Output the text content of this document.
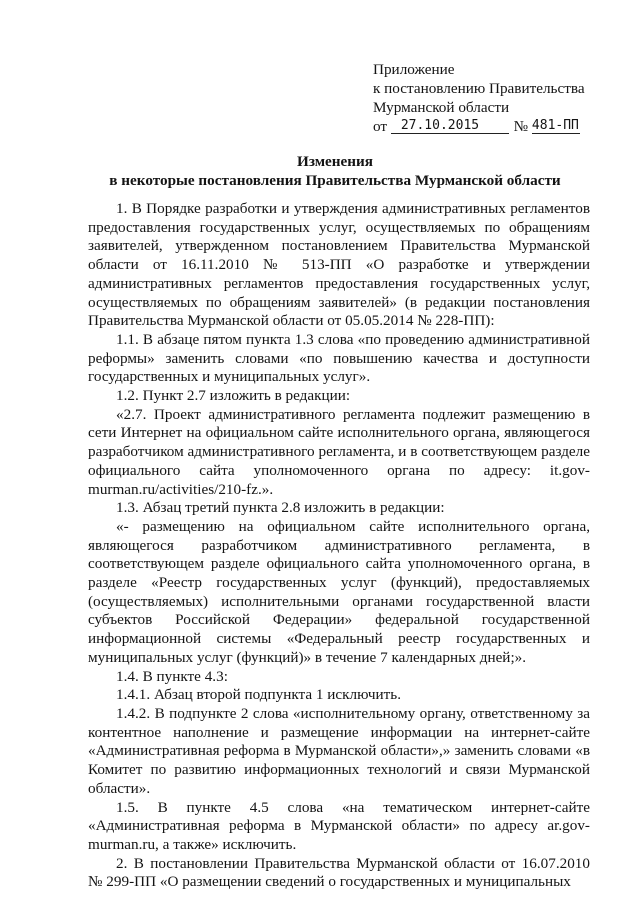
Приложение
к постановлению Правительства
Мурманской области
от 27.10.2015 № 481-ПП
Изменения
в некоторые постановления Правительства Мурманской области

1. В Порядке разработки и утверждения административных регламентов предоставления государственных услуг, осуществляемых по обращениям заявителей, утвержденном постановлением Правительства Мурманской области от 16.11.2010 № 513-ПП «О разработке и утверждении административных регламентов предоставления государственных услуг, осуществляемых по обращениям заявителей» (в редакции постановления Правительства Мурманской области от 05.05.2014 № 228-ПП):

1.1. В абзаце пятом пункта 1.3 слова «по проведению административной реформы» заменить словами «по повышению качества и доступности государственных и муниципальных услуг».

1.2. Пункт 2.7 изложить в редакции:

«2.7. Проект административного регламента подлежит размещению в сети Интернет на официальном сайте исполнительного органа, являющегося разработчиком административного регламента, и в соответствующем разделе официального сайта уполномоченного органа по адресу: it.gov-murman.ru/activities/210-fz.».

1.3. Абзац третий пункта 2.8 изложить в редакции:

«- размещению на официальном сайте исполнительного органа, являющегося разработчиком административного регламента, в соответствующем разделе официального сайта уполномоченного органа, в разделе «Реестр государственных услуг (функций), предоставляемых (осуществляемых) исполнительными органами государственной власти субъектов Российской Федерации» федеральной государственной информационной системы «Федеральный реестр государственных и муниципальных услуг (функций)» в течение 7 календарных дней;».

1.4. В пункте 4.3:

1.4.1. Абзац второй подпункта 1 исключить.

1.4.2. В подпункте 2 слова «исполнительному органу, ответственному за контентное наполнение и размещение информации на интернет-сайте «Административная реформа в Мурманской области»,» заменить словами «в Комитет по развитию информационных технологий и связи Мурманской области».

1.5. В пункте 4.5 слова «на тематическом интернет-сайте «Административная реформа в Мурманской области» по адресу ar.gov-murman.ru, а также» исключить.

2. В постановлении Правительства Мурманской области от 16.07.2010 № 299-ПП «О размещении сведений о государственных и муниципальных
